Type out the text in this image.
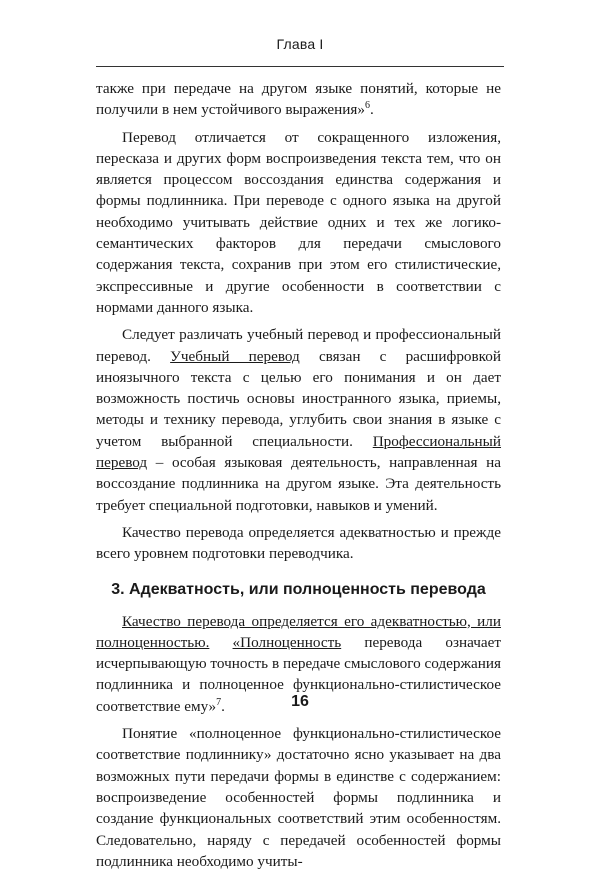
Глава I

также при передаче на другом языке понятий, которые не получили в нем устойчивого выражения»$^6$.

Перевод отличается от сокращенного изложения, пересказа и других форм воспроизведения текста тем, что он является процессом воссоздания единства содержания и формы подлинника. При переводе с одного языка на другой необходимо учитывать действие одних и тех же логико-семантических факторов для передачи смыслового содержания текста, сохранив при этом его стилистические, экспрессивные и другие особенности в соответствии с нормами данного языка.

Следует различать учебный перевод и профессиональный перевод. Учебный перевод связан с расшифровкой иноязычного текста с целью его понимания и он дает возможность постичь основы иностранного языка, приемы, методы и технику перевода, углубить свои знания в языке с учетом выбранной специальности. Профессиональный перевод – особая языковая деятельность, направленная на воссоздание подлинника на другом языке. Эта деятельность требует специальной подготовки, навыков и умений.

Качество перевода определяется адекватностью и прежде всего уровнем подготовки переводчика.

3. Адекватность, или полноценность перевода

Качество перевода определяется его адекватностью, или полноценностью. «Полноценность перевода означает исчерпывающую точность в передаче смыслового содержания подлинника и полноценное функционально-стилистическое соответствие ему»$^7$.

Понятие «полноценное функционально-стилистическое соответствие подлиннику» достаточно ясно указывает на два возможных пути передачи формы в единстве с содержанием: воспроизведение особенностей формы подлинника и создание функциональных соответствий этим особенностям. Следовательно, наряду с передачей особенностей формы подлинника необходимо учиты-

16
